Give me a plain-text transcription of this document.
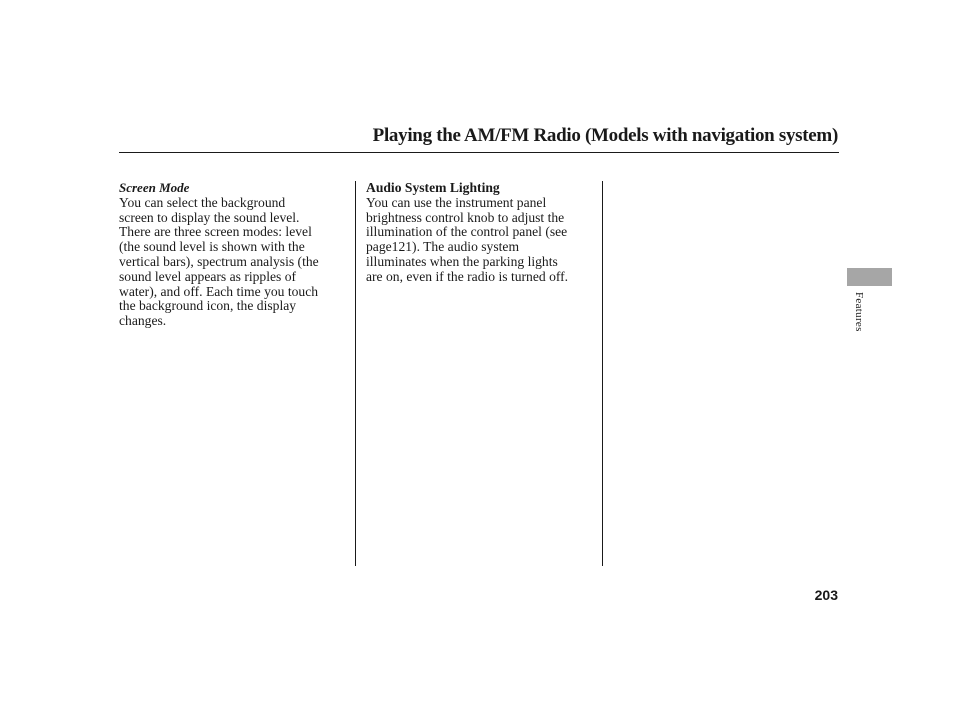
Playing the AM/FM Radio (Models with navigation system)
Screen Mode
You can select the background
screen to display the sound level.
There are three screen modes: level
(the sound level is shown with the
vertical bars), spectrum analysis (the
sound level appears as ripples of
water), and off. Each time you touch
the background icon, the display
changes.
Audio System Lighting
You can use the instrument panel
brightness control knob to adjust the
illumination of the control panel (see
page121). The audio system
illuminates when the parking lights
are on, even if the radio is turned off.
Features
203
